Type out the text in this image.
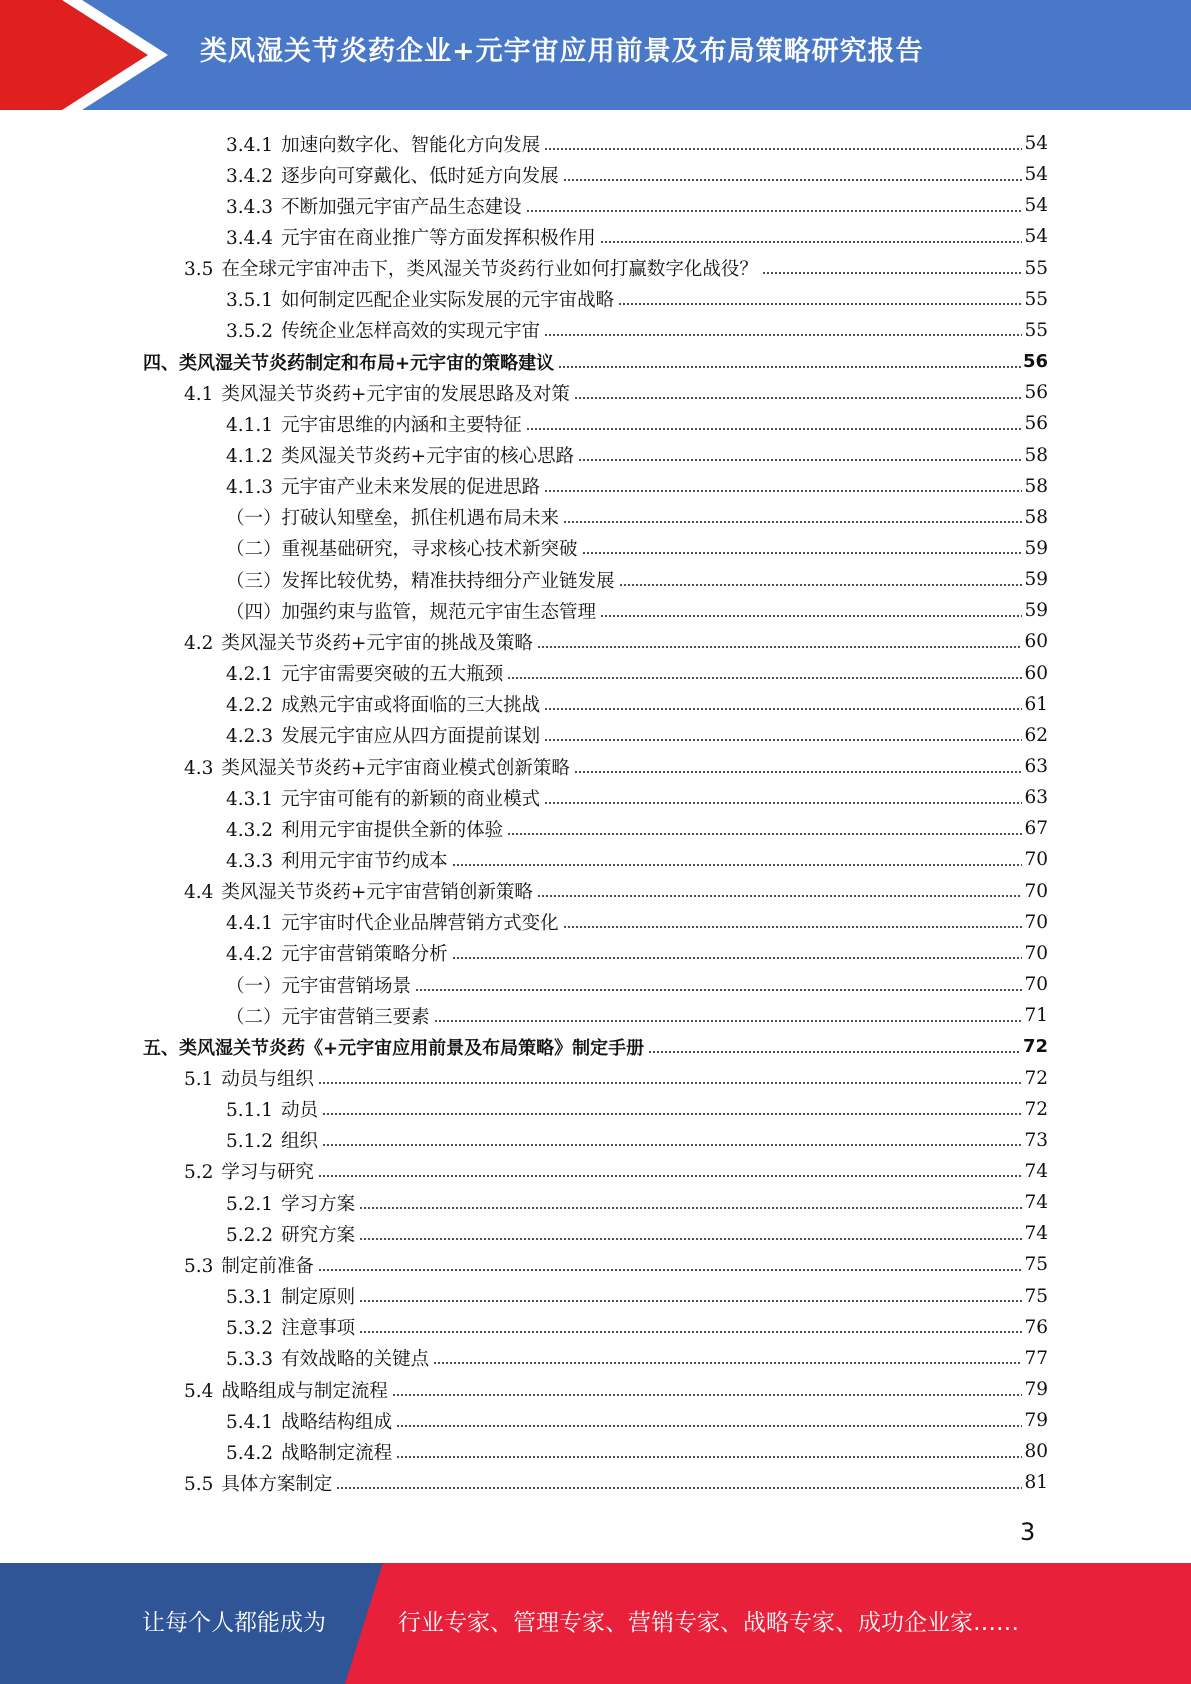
类风湿关节炎药企业+元宇宙应用前景及布局策略研究报告
3.4.1 加速向数字化、智能化方向发展	54
3.4.2 逐步向可穿戴化、低时延方向发展	54
3.4.3 不断加强元宇宙产品生态建设	54
3.4.4 元宇宙在商业推广等方面发挥积极作用	54
3.5 在全球元宇宙冲击下，类风湿关节炎药行业如何打赢数字化战役？	55
3.5.1 如何制定匹配企业实际发展的元宇宙战略	55
3.5.2 传统企业怎样高效的实现元宇宙	55
四、类风湿关节炎药制定和布局+元宇宙的策略建议	56
4.1 类风湿关节炎药+元宇宙的发展思路及对策	56
4.1.1 元宇宙思维的内涵和主要特征	56
4.1.2 类风湿关节炎药+元宇宙的核心思路	58
4.1.3 元宇宙产业未来发展的促进思路	58
（一）打破认知壁垒，抓住机遇布局未来	58
（二）重视基础研究，寻求核心技术新突破	59
（三）发挥比较优势，精准扶持细分产业链发展	59
（四）加强约束与监管，规范元宇宙生态管理	59
4.2 类风湿关节炎药+元宇宙的挑战及策略	60
4.2.1 元宇宙需要突破的五大瓶颈	60
4.2.2 成熟元宇宙或将面临的三大挑战	61
4.2.3 发展元宇宙应从四方面提前谋划	62
4.3 类风湿关节炎药+元宇宙商业模式创新策略	63
4.3.1 元宇宙可能有的新颖的商业模式	63
4.3.2 利用元宇宙提供全新的体验	67
4.3.3 利用元宇宙节约成本	70
4.4 类风湿关节炎药+元宇宙营销创新策略	70
4.4.1 元宇宙时代企业品牌营销方式变化	70
4.4.2 元宇宙营销策略分析	70
（一）元宇宙营销场景	70
（二）元宇宙营销三要素	71
五、类风湿关节炎药《+元宇宙应用前景及布局策略》制定手册	72
5.1 动员与组织	72
5.1.1 动员	72
5.1.2 组织	73
5.2 学习与研究	74
5.2.1 学习方案	74
5.2.2 研究方案	74
5.3 制定前准备	75
5.3.1 制定原则	75
5.3.2 注意事项	76
5.3.3 有效战略的关键点	77
5.4 战略组成与制定流程	79
5.4.1 战略结构组成	79
5.4.2 战略制定流程	80
5.5 具体方案制定	81
3
让每个人都能成为	行业专家、管理专家、营销专家、战略专家、成功企业家……
